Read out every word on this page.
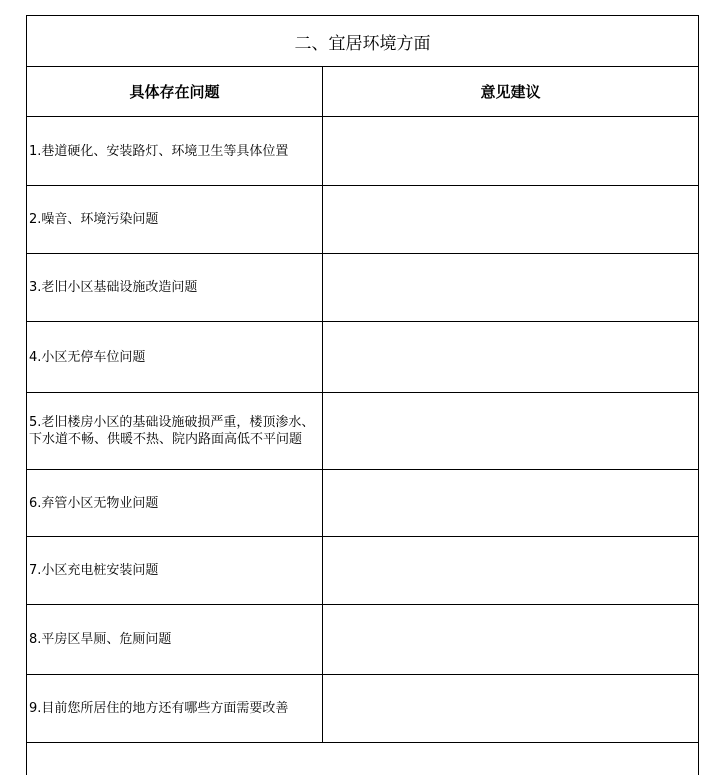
二、宜居环境方面
具体存在问题	意见建议
1.巷道硬化、安装路灯、环境卫生等具体位置
2.噪音、环境污染问题
3.老旧小区基础设施改造问题
4.小区无停车位问题
5.老旧楼房小区的基础设施破损严重，楼顶渗水、下水道不畅、供暖不热、院内路面高低不平问题
6.弃管小区无物业问题
7.小区充电桩安装问题
8.平房区旱厕、危厕问题
9.目前您所居住的地方还有哪些方面需要改善
